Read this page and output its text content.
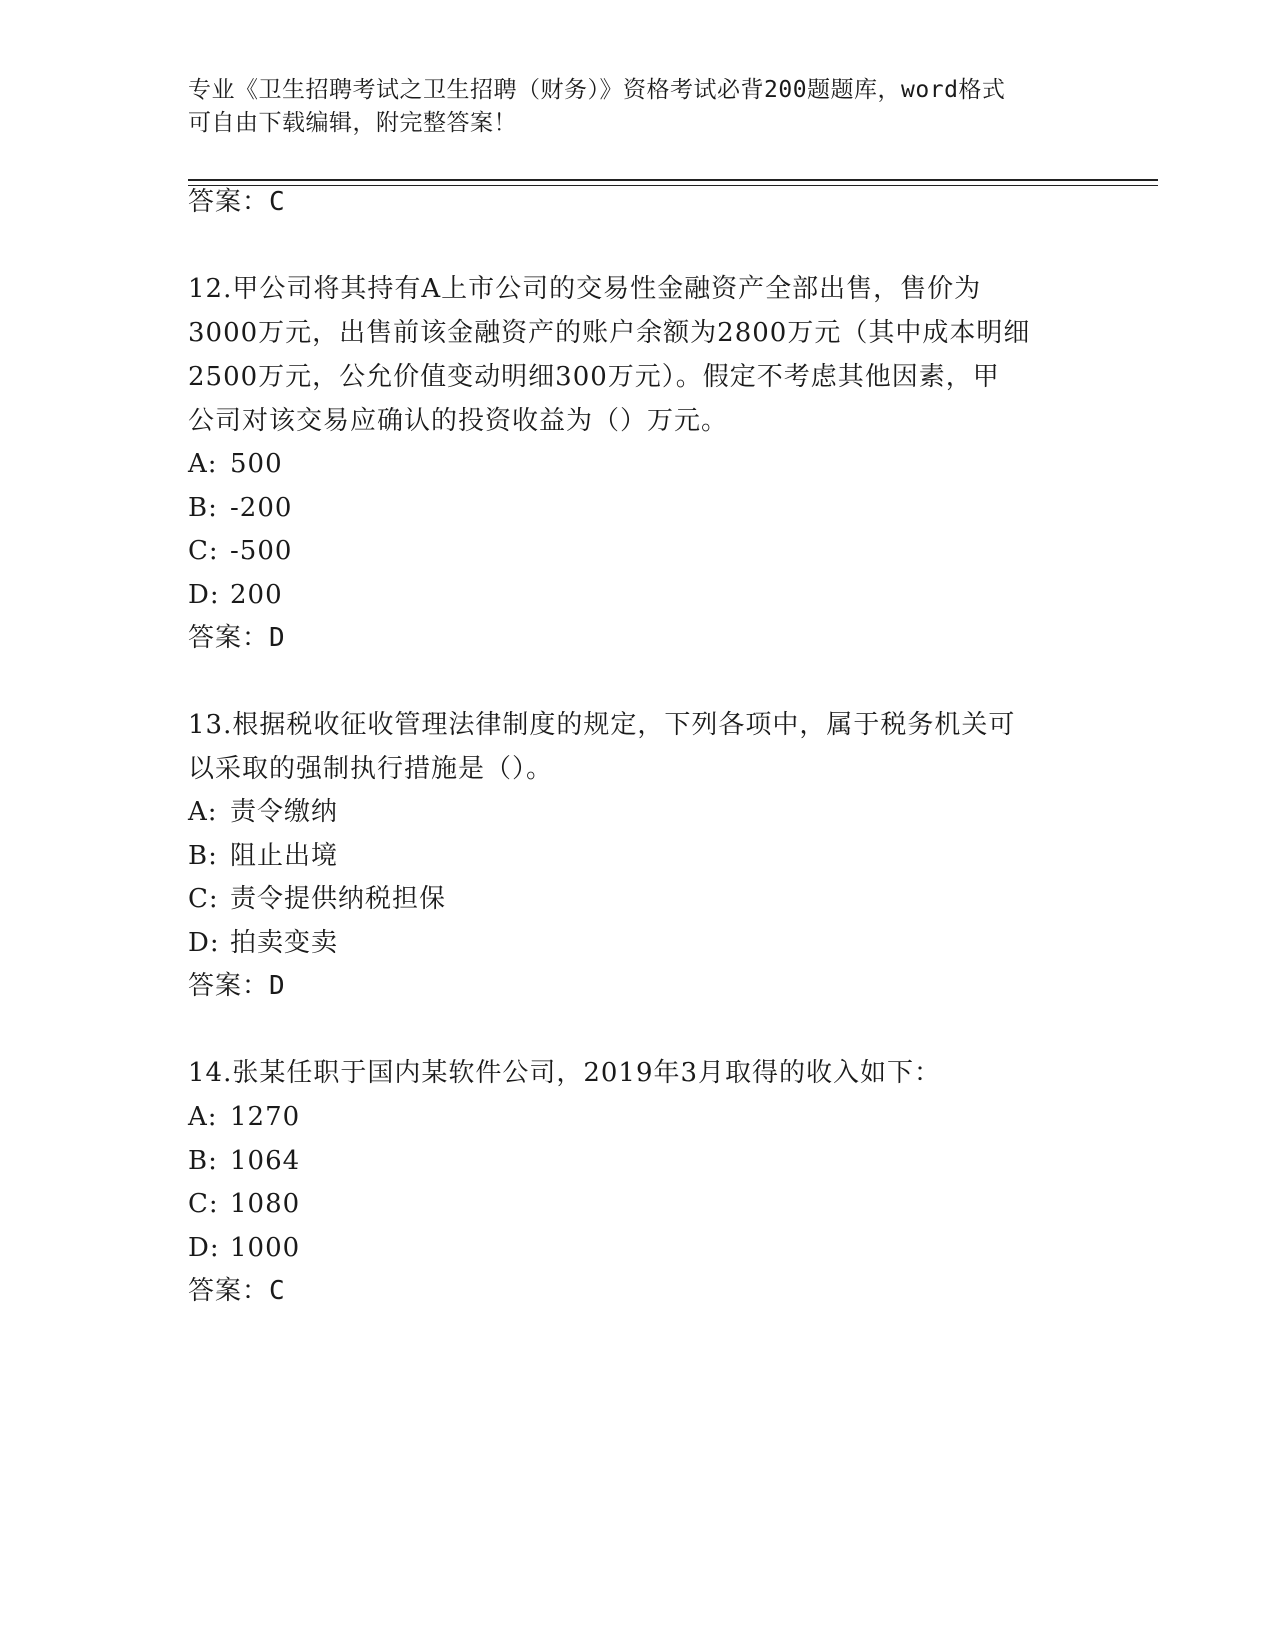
专业《卫生招聘考试之卫生招聘（财务）》资格考试必背200题题库，word格式
可自由下载编辑，附完整答案！
答案：C
12.甲公司将其持有A上市公司的交易性金融资产全部出售，售价为
3000万元，出售前该金融资产的账户余额为2800万元（其中成本明细
2500万元，公允价值变动明细300万元）。假定不考虑其他因素，甲
公司对该交易应确认的投资收益为（）万元。
A: 500
B: -200
C: -500
D: 200
答案：D
13.根据税收征收管理法律制度的规定，下列各项中，属于税务机关可
以采取的强制执行措施是（）。
A: 责令缴纳
B: 阻止出境
C: 责令提供纳税担保
D: 拍卖变卖
答案：D
14.张某任职于国内某软件公司，2019年3月取得的收入如下：
A: 1270
B: 1064
C: 1080
D: 1000
答案：C
